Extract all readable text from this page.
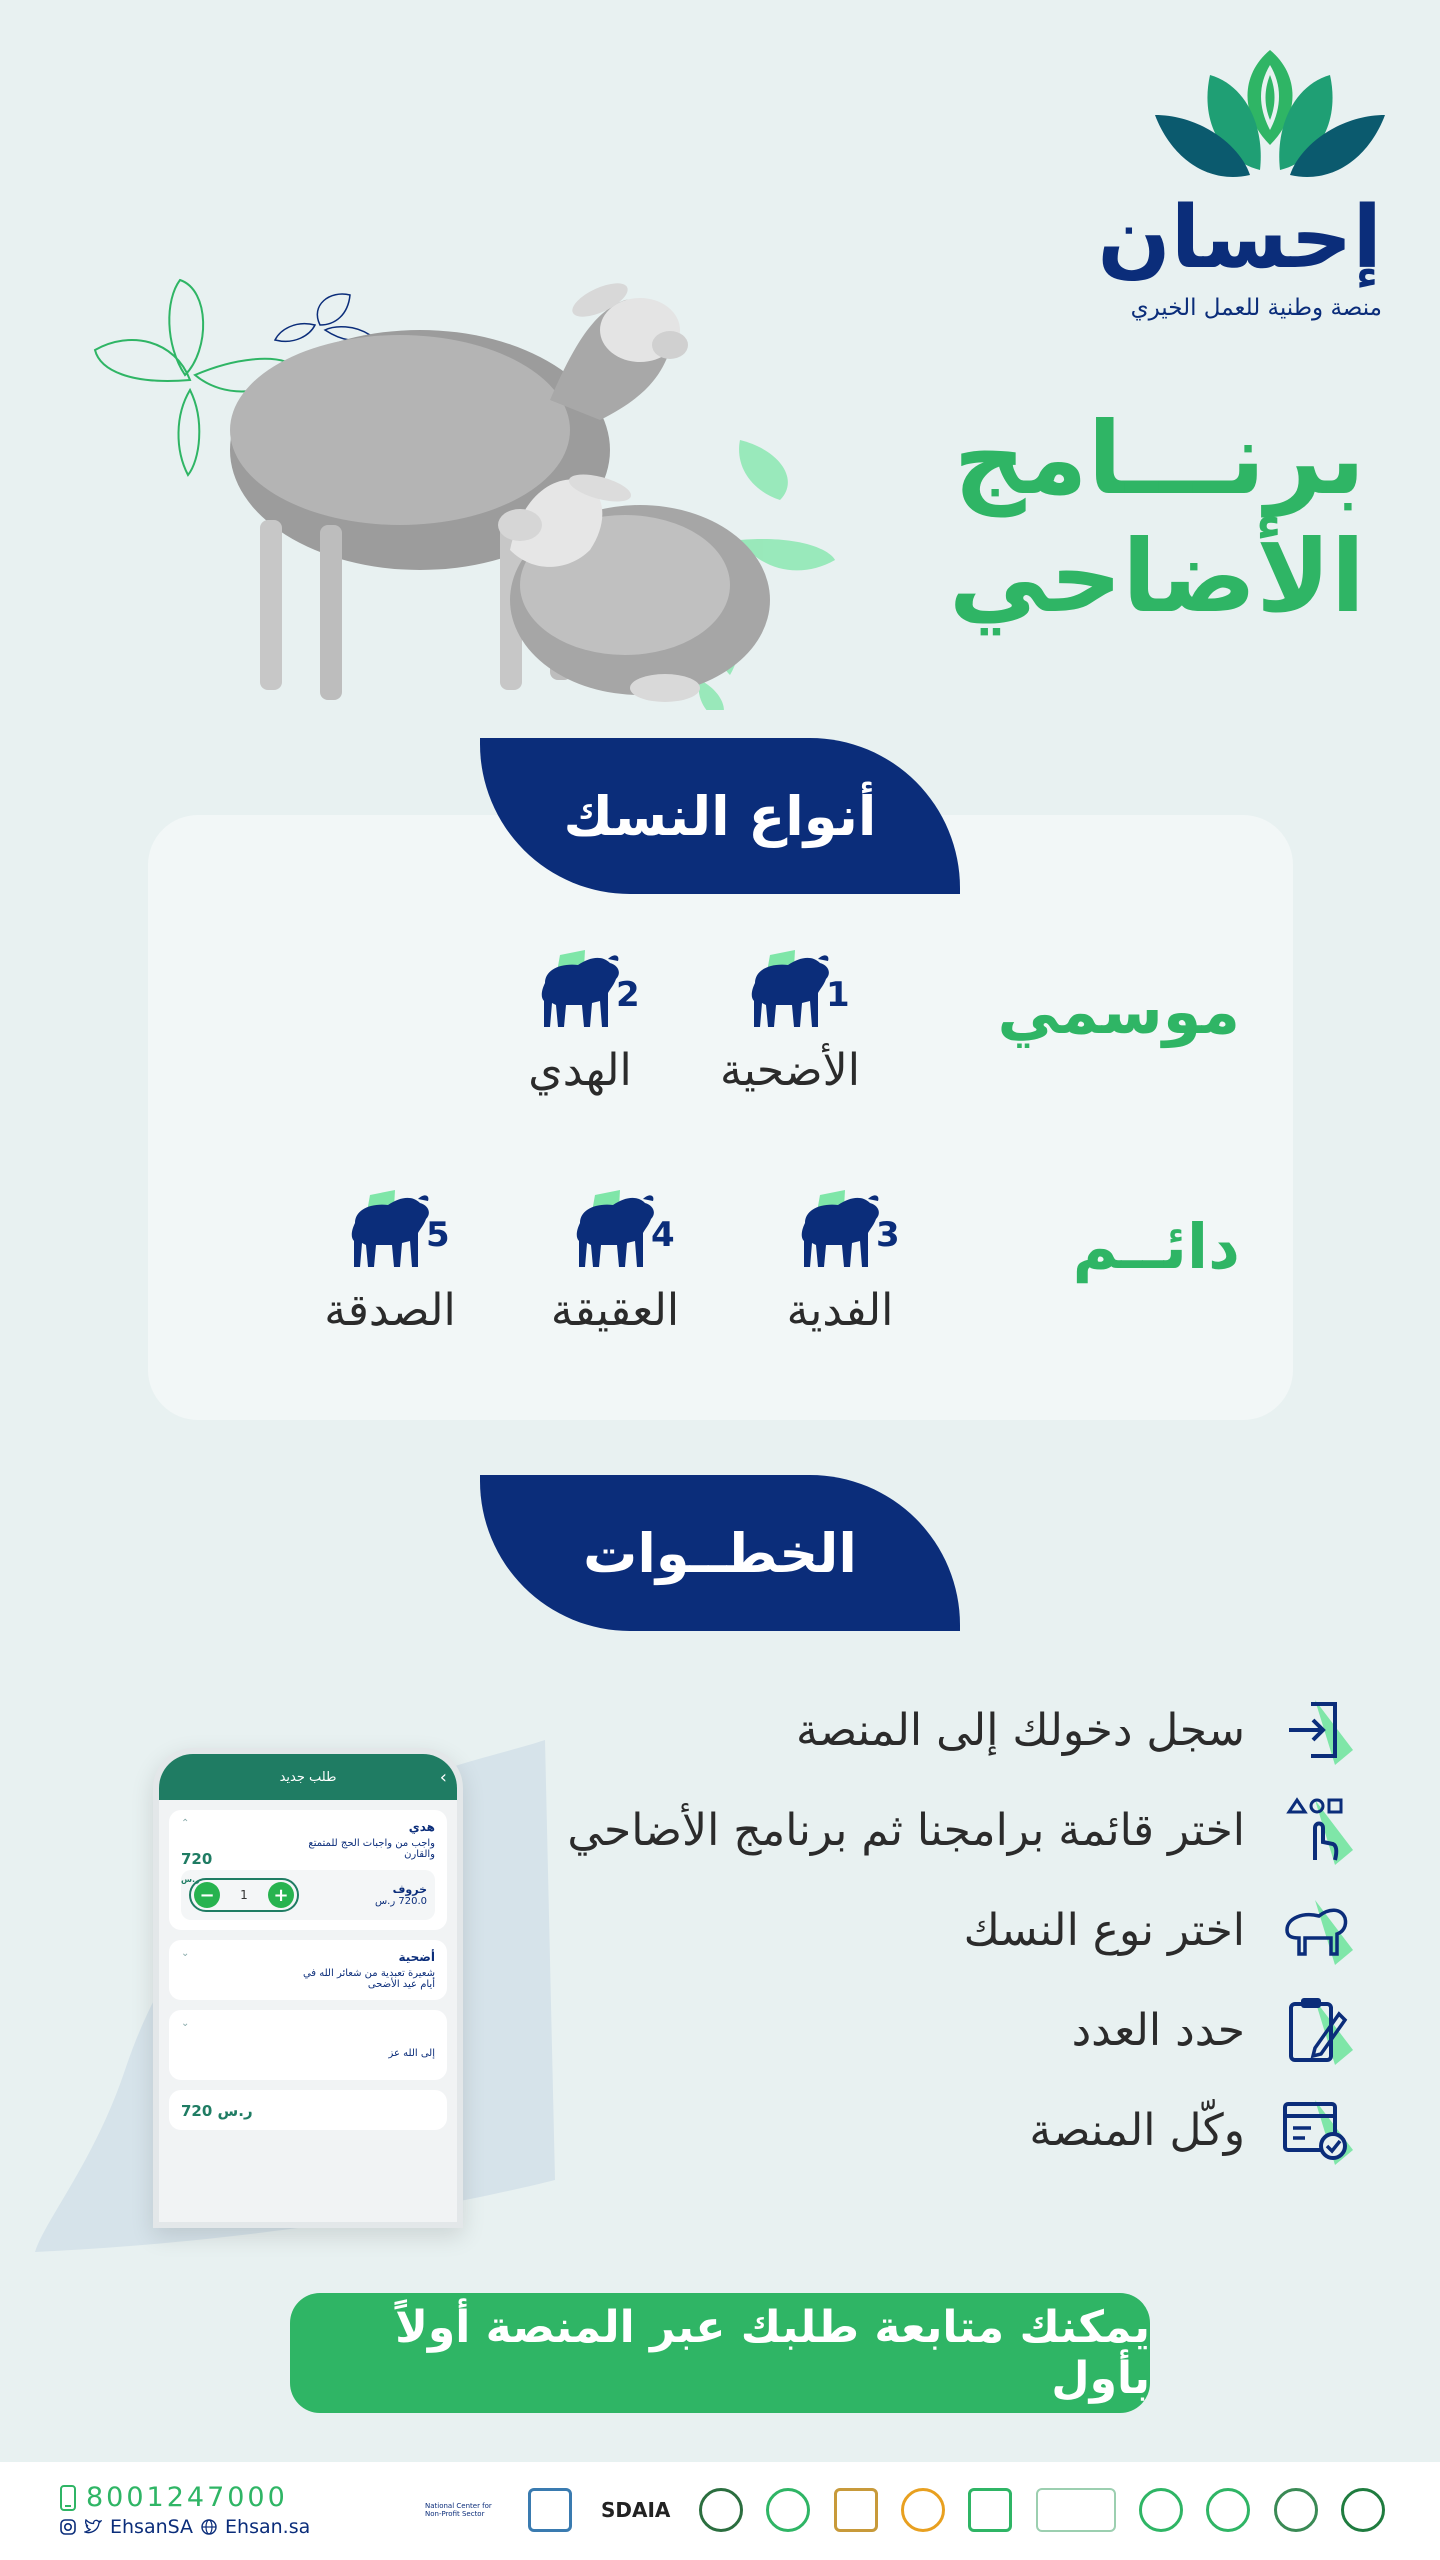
إحسان
منصة وطنية للعمل الخيري
برنـــامج
الأضاحي
أنواع النسك
موسمي
دائــم
1
الأضحية
2
الهدي
3
الفدية
4
العقيقة
5
الصدقة
الخطــوات
سجل دخولك إلى المنصة
اختر قائمة برامجنا ثم برنامج الأضاحي
اختر نوع النسك
حدد العدد
وكّل المنصة
طلب جديد	›
⌃	هدي
واجب من واجبات الحج للمتمتع والقارن
720
ر.س
خروف
720.0 ر.س
−	1	+
⌄	أضحية
شعيرة تعبدية من شعائر الله في أيام عيد الأضحى
⌄
إلى الله عز
720 ر.س
يمكنك متابعة طلبك عبر المنصة أولاً بأول
8001247000
EhsanSA Ehsan.sa
National Center for Non-Profit Sector	SDAIA
